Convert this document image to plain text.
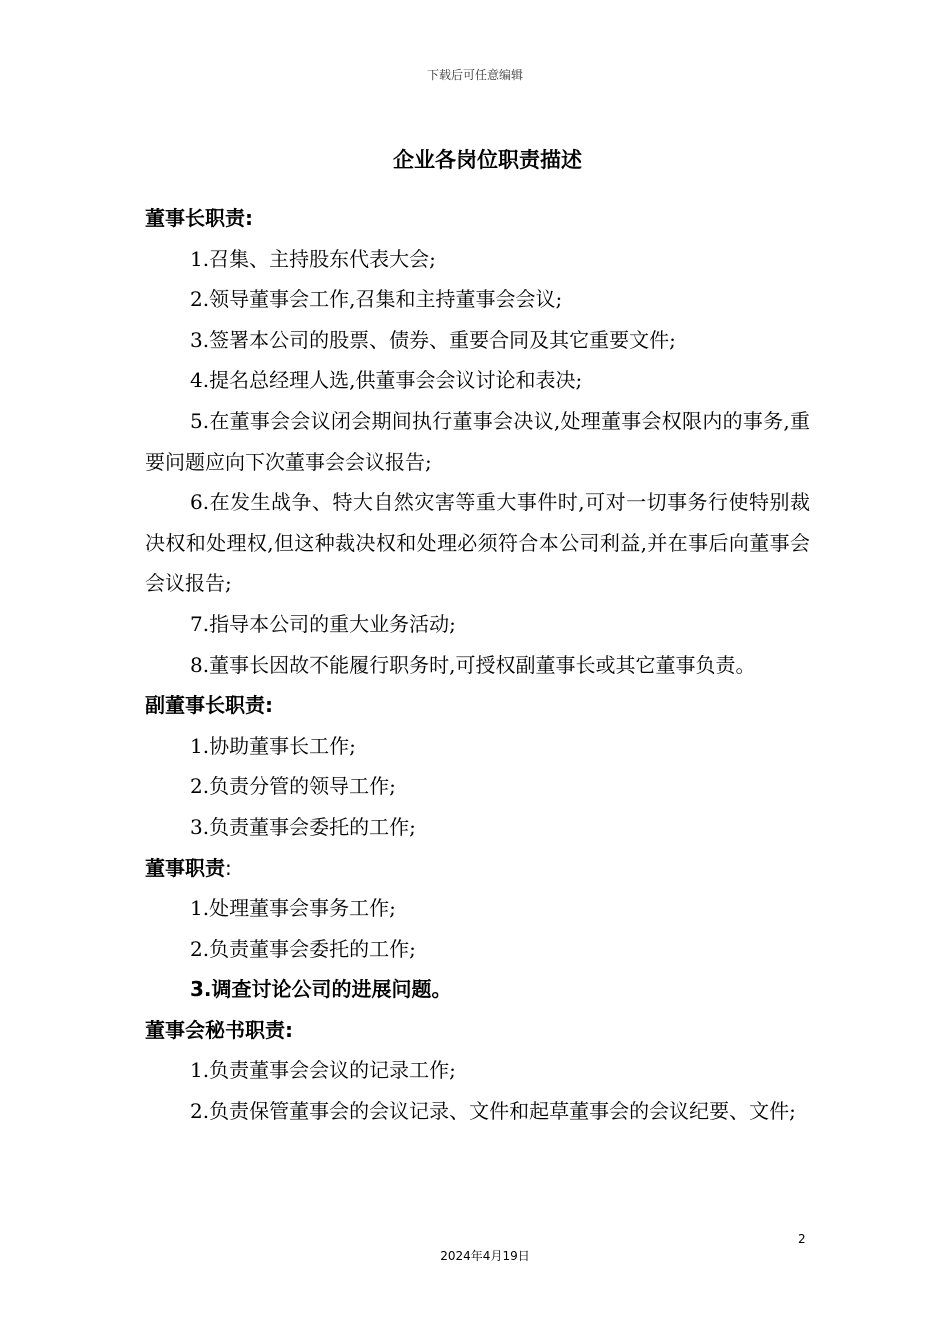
下载后可任意编辑
企业各岗位职责描述
董事长职责:
1.召集、主持股东代表大会;
2.领导董事会工作,召集和主持董事会会议;
3.签署本公司的股票、债券、重要合同及其它重要文件;
4.提名总经理人选,供董事会会议讨论和表决;
5.在董事会会议闭会期间执行董事会决议,处理董事会权限内的事务,重要问题应向下次董事会会议报告;
6.在发生战争、特大自然灾害等重大事件时,可对一切事务行使特别裁决权和处理权,但这种裁决权和处理必须符合本公司利益,并在事后向董事会会议报告;
7.指导本公司的重大业务活动;
8.董事长因故不能履行职务时,可授权副董事长或其它董事负责。
副董事长职责:
1.协助董事长工作;
2.负责分管的领导工作;
3.负责董事会委托的工作;
董事职责:
1.处理董事会事务工作;
2.负责董事会委托的工作;
3.调查讨论公司的进展问题。
董事会秘书职责:
1.负责董事会会议的记录工作;
2.负责保管董事会的会议记录、文件和起草董事会的会议纪要、文件;
2
2024年4月19日
